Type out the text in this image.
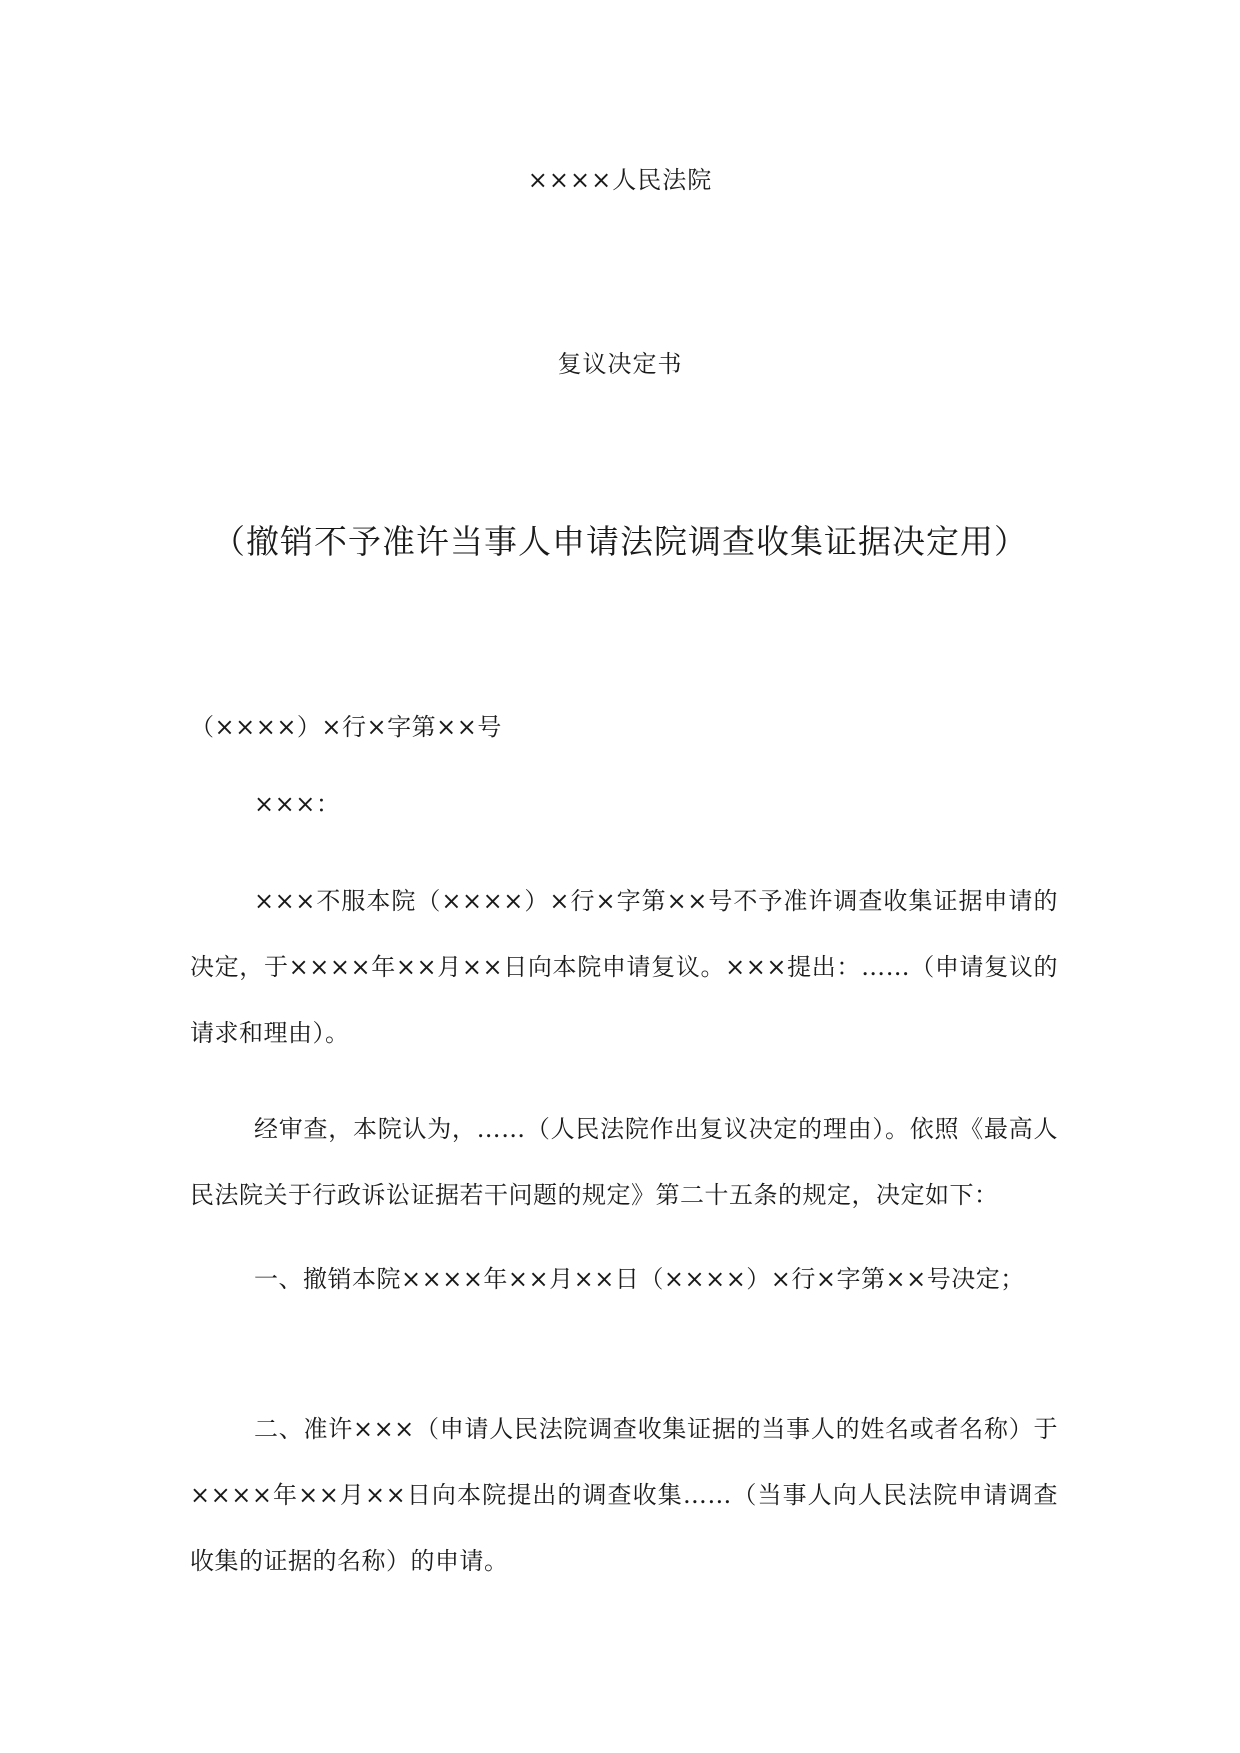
××××人民法院
复议决定书
（撤销不予准许当事人申请法院调查收集证据决定用）
（××××）×行×字第××号
×××：
×××不服本院（××××）×行×字第××号不予准许调查收集证据申请的决定，于××××年××月××日向本院申请复议。×××提出：……（申请复议的请求和理由）。
经审查，本院认为，……（人民法院作出复议决定的理由）。依照《最高人民法院关于行政诉讼证据若干问题的规定》第二十五条的规定，决定如下：
一、撤销本院××××年××月××日（××××）×行×字第××号决定；
二、准许×××（申请人民法院调查收集证据的当事人的姓名或者名称）于××××年××月××日向本院提出的调查收集……（当事人向人民法院申请调查收集的证据的名称）的申请。
